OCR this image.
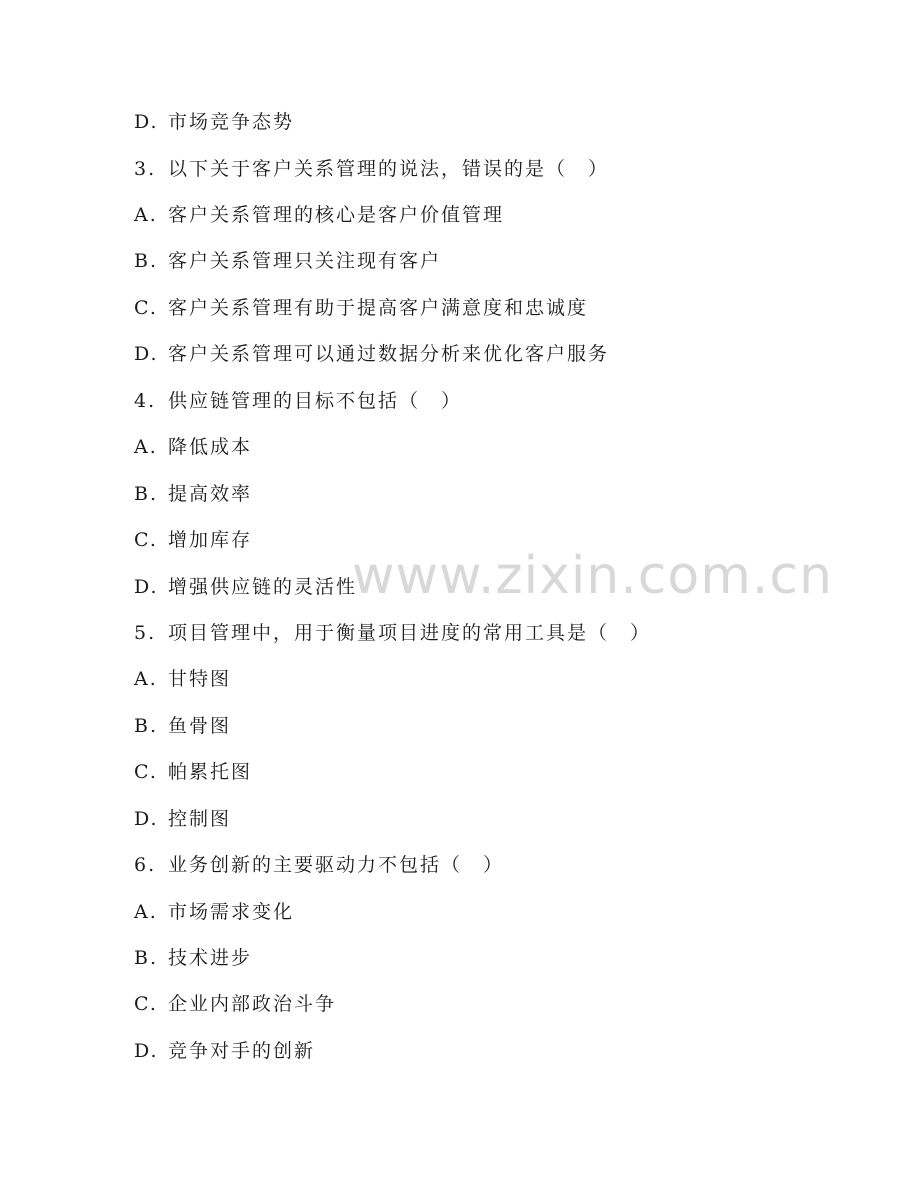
www.zixin.com.cn
D. 市场竞争态势
3. 以下关于客户关系管理的说法，错误的是（　）
A. 客户关系管理的核心是客户价值管理
B. 客户关系管理只关注现有客户
C. 客户关系管理有助于提高客户满意度和忠诚度
D. 客户关系管理可以通过数据分析来优化客户服务
4. 供应链管理的目标不包括（　）
A. 降低成本
B. 提高效率
C. 增加库存
D. 增强供应链的灵活性
5. 项目管理中，用于衡量项目进度的常用工具是（　）
A. 甘特图
B. 鱼骨图
C. 帕累托图
D. 控制图
6. 业务创新的主要驱动力不包括（　）
A. 市场需求变化
B. 技术进步
C. 企业内部政治斗争
D. 竞争对手的创新
